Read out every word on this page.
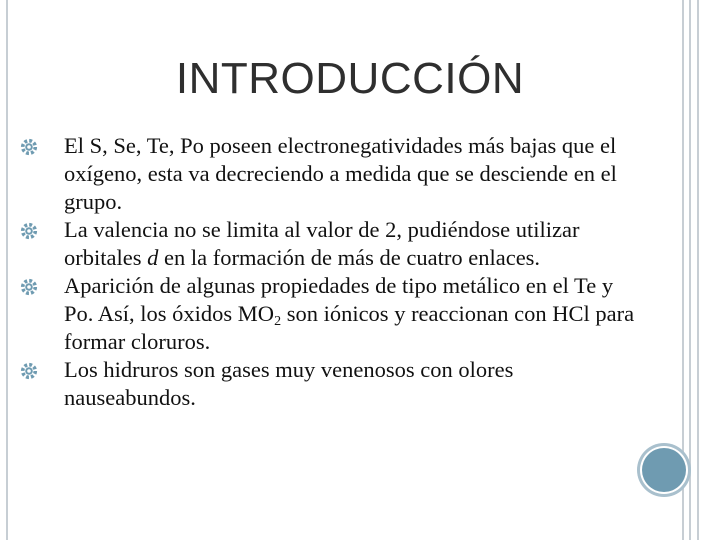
INTRODUCCIÓN
El S, Se, Te, Po poseen electronegatividades más bajas que el oxígeno, esta va decreciendo a medida que se desciende en el grupo.
La valencia no se limita al valor de 2, pudiéndose utilizar orbitales d en la formación de más de cuatro enlaces.
Aparición de algunas propiedades de tipo metálico en el Te y Po. Así, los óxidos $MO_2$ son iónicos y reaccionan con HCl para formar cloruros.
Los hidruros son gases muy venenosos con olores nauseabundos.
